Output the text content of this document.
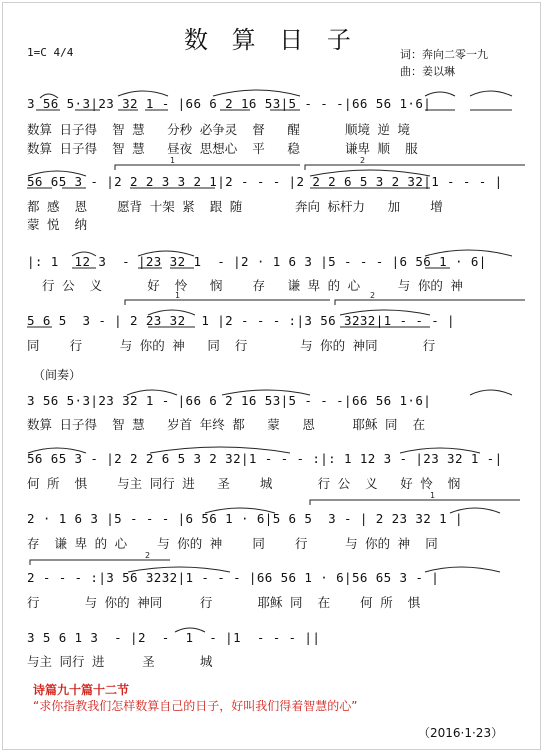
数 算 日 子
1=C 4/4	词：奔向二零一九
曲：姜以琳
3 56 5·3|23 32 1 - |66 6 2 16 53|5 - - -|66 56 1·6|
数算 日子得  智 慧   分秒 必争灵  督   醒      顺境 逆 境
数算 日子得  智 慧   昼夜 思想心  平   稳      谦卑 顺  服
56 65 3 - |2 2 2 3 3 2 1|2 - - - |2 2 2 6 5 3 2 32|1 - - - |
都 感  恩    愿背 十架 紧  跟 随       奔向 标杆力   加    增
蒙 悦  纳
|: 1  12 3  - |23 32 1  - |2 · 1 6 3 |5 - - - |6 56 1 · 6|
行 公  义      好  怜   悯    存   谦 卑 的 心     与 你的 神
5 6 5  3 - | 2 23 32  1 |2 - - - :|3 56 3232|1 - - - |
同    行     与 你的 神   同  行       与 你的 神同      行
（间奏）
3 56 5·3|23 32 1 - |66 6 2 16 53|5 - - -|66 56 1·6|
数算 日子得  智 慧   岁首 年终 都   蒙   恩     耶稣 同  在
56 65 3 - |2 2 2 6 5 3 2 32|1 - - - :|: 1 12 3 - |23 32 1 -|
何 所  惧    与主 同行 进   圣    城      行 公  义   好 怜  悯
2 · 1 6 3 |5 - - - |6 56 1 · 6|5 6 5  3 - | 2 23 32 1 |
存  谦 卑 的 心    与 你的 神    同    行     与 你的 神  同
2 - - - :|3 56 3232|1 - - - |66 56 1 · 6|56 65 3 - |
行      与 你的 神同     行      耶稣 同  在    何 所  惧
3 5 6 1 3  - |2  -  1  - |1  - - - ||
与主 同行 进     圣      城
诗篇九十篇十二节
“求你指教我们怎样数算自己的日子，好叫我们得着智慧的心”
（2016·1·23）
1	2
1	2
1
2
